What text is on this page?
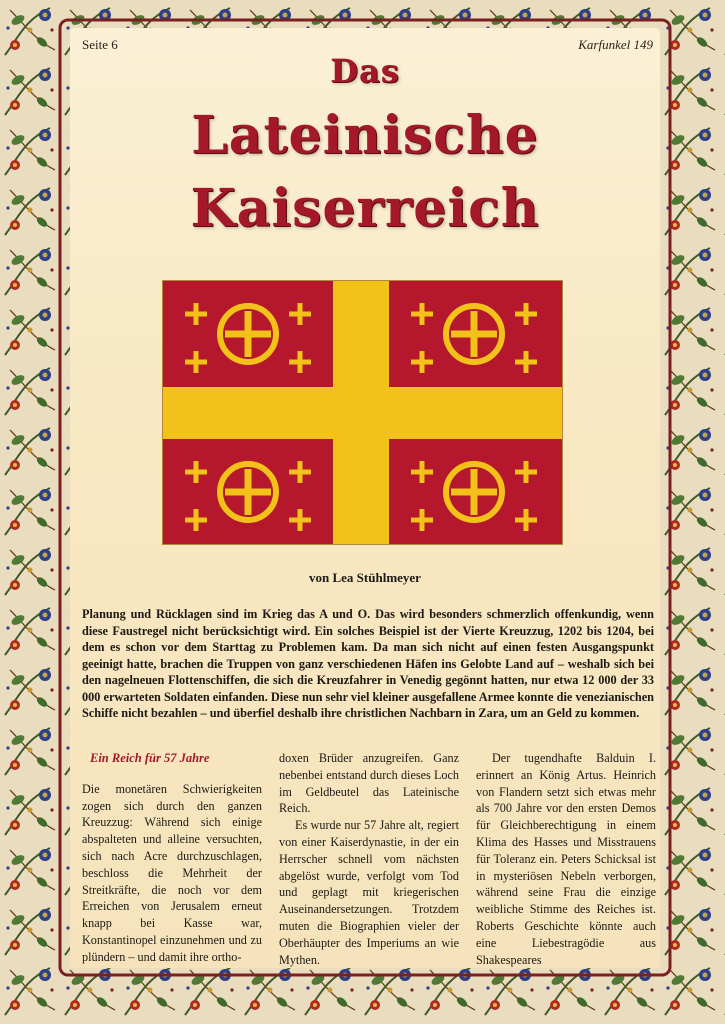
Seite 6	Karfunkel 149
Das
Lateinische
Kaiserreich
von Lea Stühlmeyer

Planung und Rücklagen sind im Krieg das A und O. Das wird besonders schmerzlich offenkundig, wenn diese Faustregel nicht berücksichtigt wird. Ein solches Beispiel ist der Vierte Kreuzzug, 1202 bis 1204, bei dem es schon vor dem Starttag zu Problemen kam. Da man sich nicht auf einen festen Ausgangspunkt geeinigt hatte, brachen die Truppen von ganz verschiedenen Häfen ins Gelobte Land auf – weshalb sich bei den nagelneuen Flottenschiffen, die sich die Kreuzfahrer in Venedig gegönnt hatten, nur etwa 12 000 der 33 000 erwarteten Soldaten einfanden. Diese nun sehr viel kleiner ausgefallene Armee konnte die venezianischen Schiffe nicht bezahlen – und überfiel deshalb ihre christlichen Nachbarn in Zara, um an Geld zu kommen.

Ein Reich für 57 Jahre
Die monetären Schwierigkeiten zogen sich durch den ganzen Kreuzzug: Während sich einige abspalteten und alleine versuchten, sich nach Acre durchzuschlagen, beschloss die Mehrheit der Streitkräfte, die noch vor dem Erreichen von Jerusalem erneut knapp bei Kasse war, Konstantinopel einzunehmen und zu plündern – und damit ihre ortho-
doxen Brüder anzugreifen. Ganz nebenbei entstand durch dieses Loch im Geldbeutel das Lateinische Reich.
Es wurde nur 57 Jahre alt, regiert von einer Kaiserdynastie, in der ein Herrscher schnell vom nächsten abgelöst wurde, verfolgt vom Tod und geplagt mit kriegerischen Auseinandersetzungen. Trotzdem muten die Biographien vieler der Oberhäupter des Imperiums an wie Mythen.
Der tugendhafte Balduin I. erinnert an König Artus. Heinrich von Flandern setzt sich etwas mehr als 700 Jahre vor den ersten Demos für Gleichberechtigung in einem Klima des Hasses und Misstrauens für Toleranz ein. Peters Schicksal ist in mysteriösen Nebeln verborgen, während seine Frau die einzige weibliche Stimme des Reiches ist. Roberts Geschichte könnte auch eine Liebestragödie aus Shakespeares
